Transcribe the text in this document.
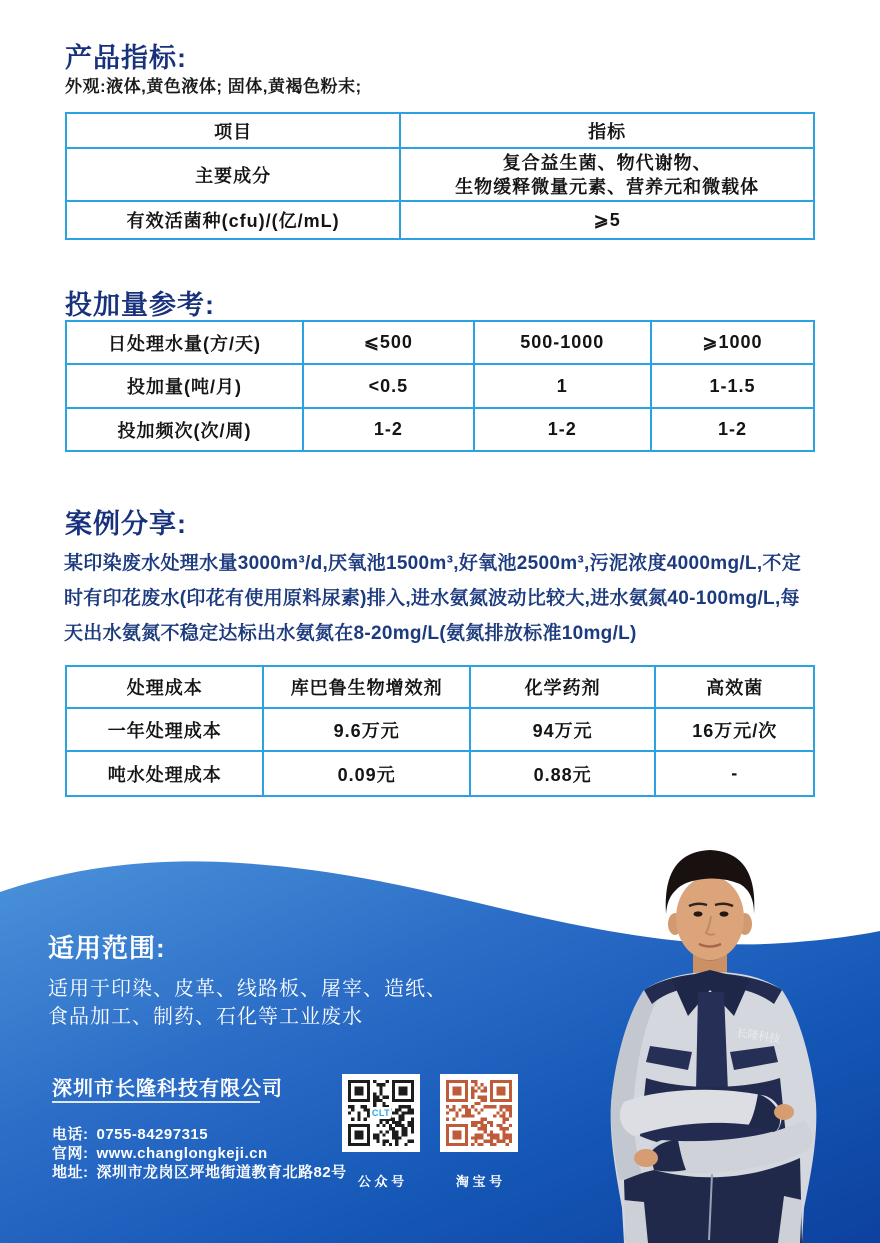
产品指标:

外观:液体,黄色液体; 固体,黄褐色粉末;

项目	指标
主要成分	复合益生菌、物代谢物、
生物缓释微量元素、营养元和微载体

有效活菌种(cfu)/(亿/mL)	⩾5
投加量参考:
日处理水量(方/天)	⩽500	500-1000	⩾1000
投加量(吨/月)	<0.5	1	1-1.5
投加频次(次/周)	1-2	1-2	1-2
案例分享:

某印染废水处理水量3000m³/d,厌氧池1500m³,好氧池2500m³,污泥浓度4000mg/L,不定时有印花废水(印花有使用原料尿素)排入,进水氨氮波动比较大,进水氨氮40-100mg/L,每天出水氨氮不稳定达标出水氨氮在8-20mg/L(氨氮排放标准10mg/L)

处理成本	库巴鲁生物增效剂	化学药剂	高效菌
一年处理成本	9.6万元	94万元	16万元/次
吨水处理成本	0.09元	0.88元	-
适用范围:

适用于印染、皮革、线路板、屠宰、造纸、

食品加工、制药、石化等工业废水

深圳市长隆科技有限公司

电话: 0755-84297315

官网: www.changlongkeji.cn

地址: 深圳市龙岗区坪地街道教育北路82号

CLT

公 众 号	淘 宝 号

长隆科技
